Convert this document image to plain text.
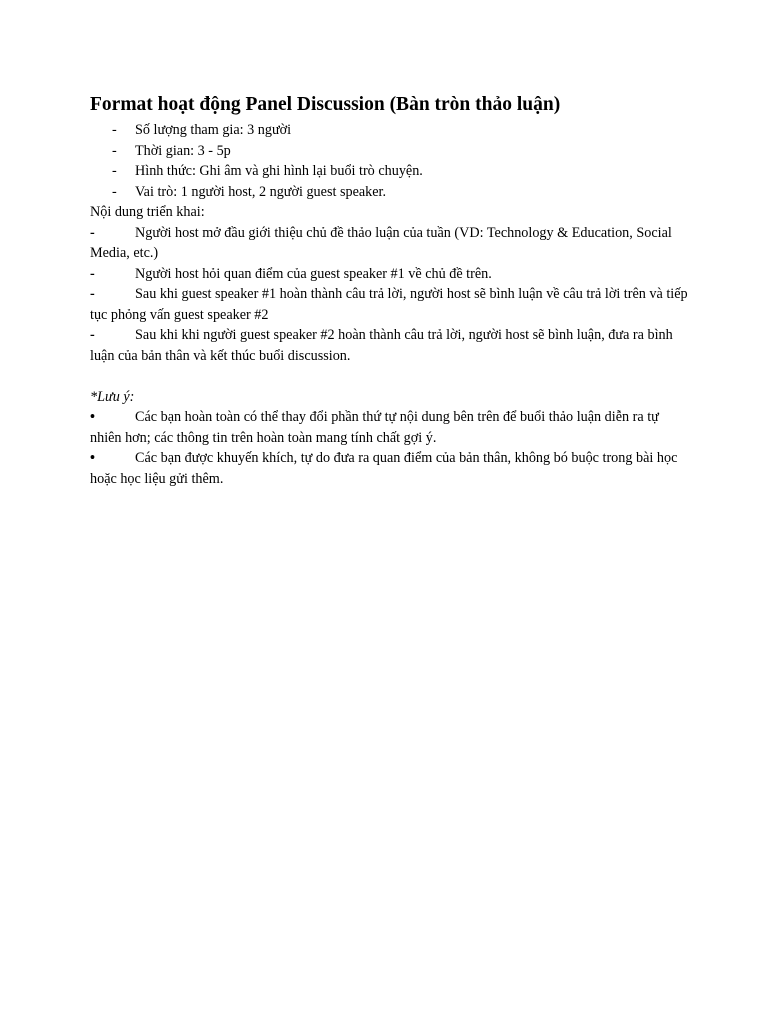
Format hoạt động Panel Discussion (Bàn tròn thảo luận)
- Số lượng tham gia: 3 người
- Thời gian: 3 - 5p
- Hình thức: Ghi âm và ghi hình lại buổi trò chuyện.
- Vai trò: 1 người host, 2 người guest speaker.
Nội dung triển khai:
-	Người host mở đầu giới thiệu chủ đề thảo luận của tuần (VD: Technology & Education, Social Media, etc.)
-	Người host hỏi quan điểm của guest speaker #1 về chủ đề trên.
-	Sau khi guest speaker #1 hoàn thành câu trả lời, người host sẽ bình luận về câu trả lời trên và tiếp tục phỏng vấn guest speaker #2
-	Sau khi khi người guest speaker #2 hoàn thành câu trả lời, người host sẽ bình luận, đưa ra bình luận của bản thân và kết thúc buổi discussion.
*Lưu ý:
•	Các bạn hoàn toàn có thể thay đổi phần thứ tự nội dung bên trên để buổi thảo luận diễn ra tự nhiên hơn; các thông tin trên hoàn toàn mang tính chất gợi ý.
•	Các bạn được khuyến khích, tự do đưa ra quan điểm của bản thân, không bó buộc trong bài học hoặc học liệu gửi thêm.
